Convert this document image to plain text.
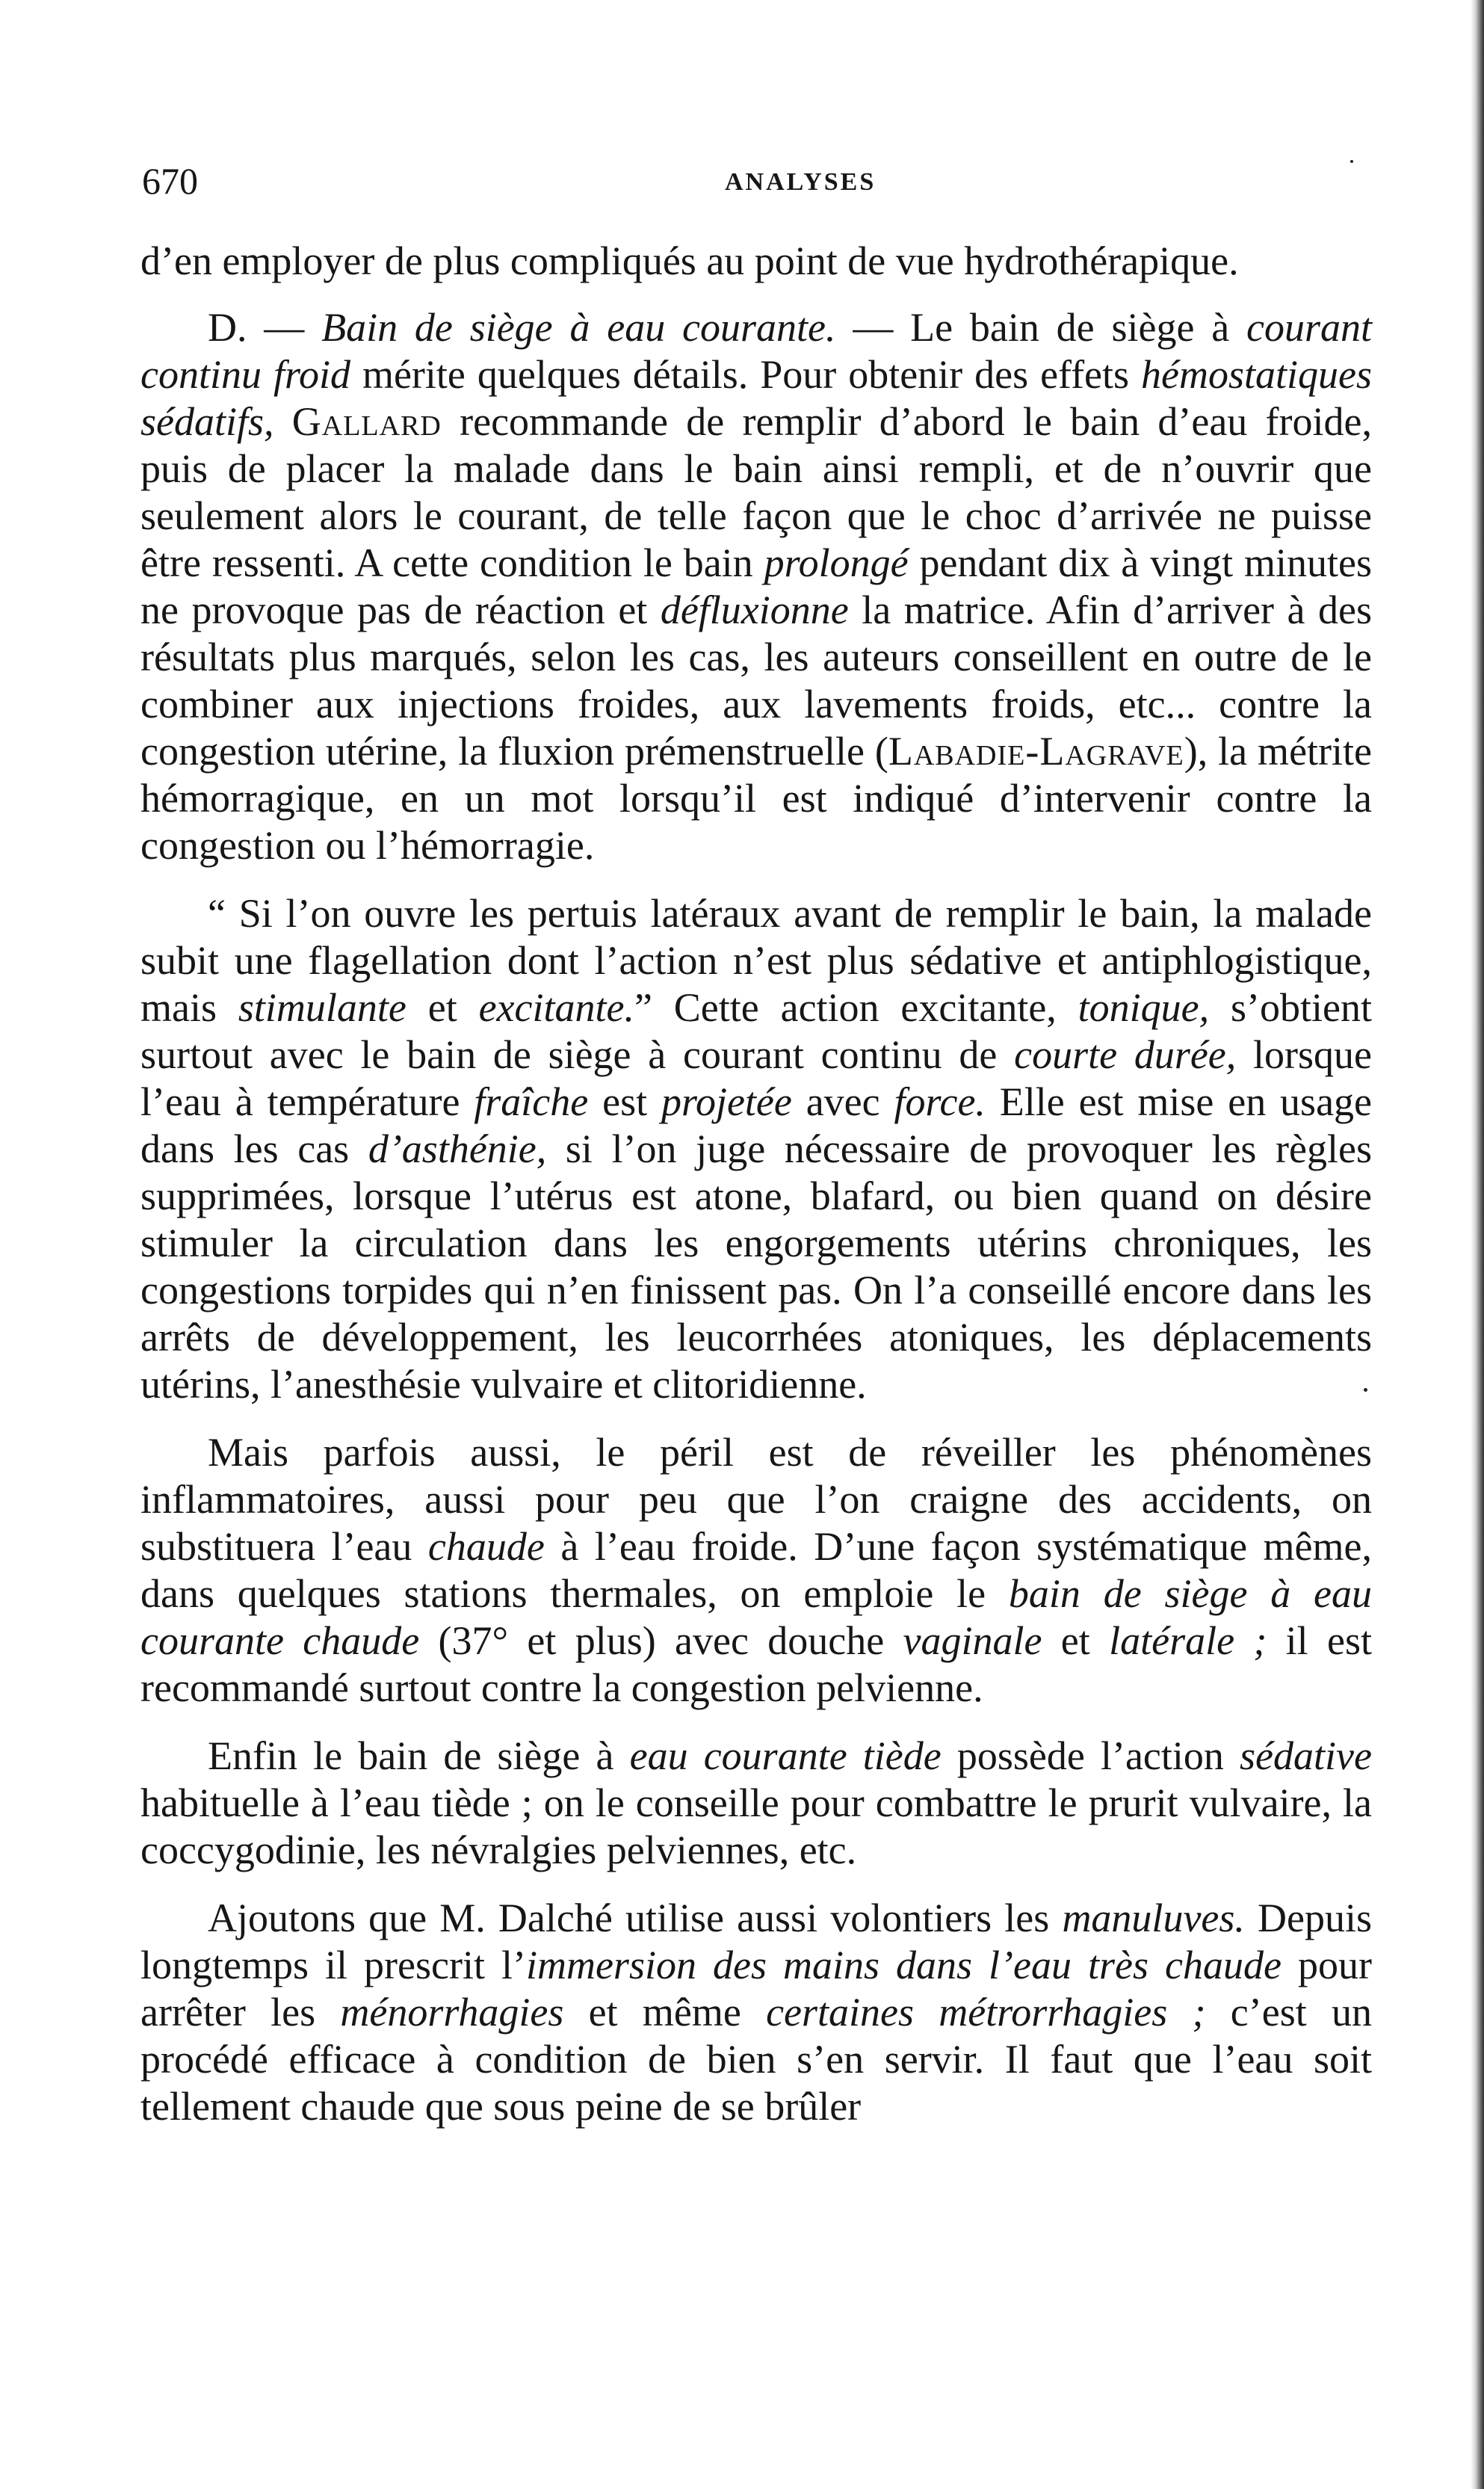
670	ANALYSES

d’en employer de plus compliqués au point de vue hydrothérapique.

D. — Bain de siège à eau courante. — Le bain de siège à courant continu froid mérite quelques détails. Pour obtenir des effets hémostatiques sédatifs, Gallard recommande de remplir d’abord le bain d’eau froide, puis de placer la malade dans le bain ainsi rempli, et de n’ouvrir que seulement alors le courant, de telle façon que le choc d’arrivée ne puisse être ressenti. A cette condition le bain prolongé pendant dix à vingt minutes ne provoque pas de réaction et défluxionne la matrice. Afin d’arriver à des résultats plus marqués, selon les cas, les auteurs conseillent en outre de le combiner aux injections froides, aux lavements froids, etc... contre la congestion utérine, la fluxion prémenstruelle (Labadie-Lagrave), la métrite hémorragique, en un mot lorsqu’il est indiqué d’intervenir contre la congestion ou l’hémorragie.

“ Si l’on ouvre les pertuis latéraux avant de remplir le bain, la malade subit une flagellation dont l’action n’est plus sédative et antiphlogistique, mais stimulante et excitante.” Cette action excitante, tonique, s’obtient surtout avec le bain de siège à courant continu de courte durée, lorsque l’eau à température fraîche est projetée avec force. Elle est mise en usage dans les cas d’asthénie, si l’on juge nécessaire de provoquer les règles supprimées, lorsque l’utérus est atone, blafard, ou bien quand on désire stimuler la circulation dans les engorgements utérins chroniques, les congestions torpides qui n’en finissent pas. On l’a conseillé encore dans les arrêts de développement, les leucorrhées atoniques, les déplacements utérins, l’anesthésie vulvaire et clitoridienne.

Mais parfois aussi, le péril est de réveiller les phénomènes inflammatoires, aussi pour peu que l’on craigne des accidents, on substituera l’eau chaude à l’eau froide. D’une façon systématique même, dans quelques stations thermales, on emploie le bain de siège à eau courante chaude (37° et plus) avec douche vaginale et latérale ; il est recommandé surtout contre la congestion pelvienne.

Enfin le bain de siège à eau courante tiède possède l’action sédative habituelle à l’eau tiède ; on le conseille pour combattre le prurit vulvaire, la coccygodinie, les névralgies pelviennes, etc.

Ajoutons que M. Dalché utilise aussi volontiers les manuluves. Depuis longtemps il prescrit l’immersion des mains dans l’eau très chaude pour arrêter les ménorrhagies et même certaines métrorrhagies ; c’est un procédé efficace à condition de bien s’en servir. Il faut que l’eau soit tellement chaude que sous peine de se brûler
